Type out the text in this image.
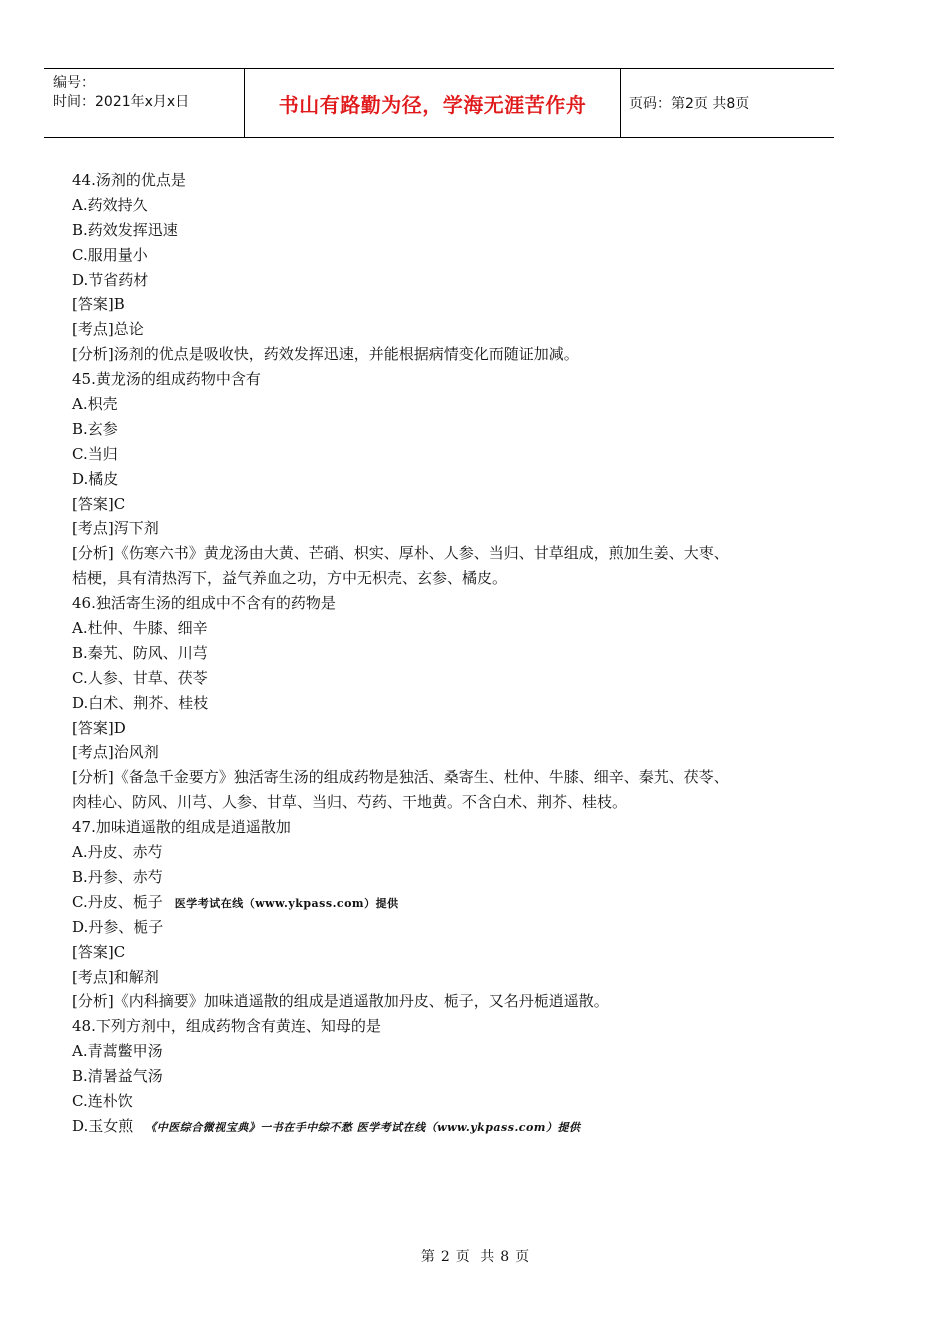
编号：
时间：2021年x月x日	书山有路勤为径，学海无涯苦作舟	页码：第2页 共8页
44.汤剂的优点是
A.药效持久
B.药效发挥迅速
C.服用量小
D.节省药材
[答案]B
[考点]总论
[分析]汤剂的优点是吸收快，药效发挥迅速，并能根据病情变化而随证加减。
45.黄龙汤的组成药物中含有
A.枳壳
B.玄参
C.当归
D.橘皮
[答案]C
[考点]泻下剂
[分析]《伤寒六书》黄龙汤由大黄、芒硝、枳实、厚朴、人参、当归、甘草组成，煎加生姜、大枣、
桔梗，具有清热泻下，益气养血之功，方中无枳壳、玄参、橘皮。
46.独活寄生汤的组成中不含有的药物是
A.杜仲、牛膝、细辛
B.秦艽、防风、川芎
C.人参、甘草、茯苓
D.白术、荆芥、桂枝
[答案]D
[考点]治风剂
[分析]《备急千金要方》独活寄生汤的组成药物是独活、桑寄生、杜仲、牛膝、细辛、秦艽、茯苓、
肉桂心、防风、川芎、人参、甘草、当归、芍药、干地黄。不含白术、荆芥、桂枝。
47.加味逍遥散的组成是逍遥散加
A.丹皮、赤芍
B.丹参、赤芍
C.丹皮、栀子 医学考试在线（www.ykpass.com）提供
D.丹参、栀子
[答案]C
[考点]和解剂
[分析]《内科摘要》加味逍遥散的组成是逍遥散加丹皮、栀子，又名丹栀逍遥散。
48.下列方剂中，组成药物含有黄连、知母的是
A.青蒿鳖甲汤
B.清暑益气汤
C.连朴饮
D.玉女煎 《中医综合微视宝典》一书在手中综不愁 医学考试在线（www.ykpass.com）提供
第 2 页 共 8 页
